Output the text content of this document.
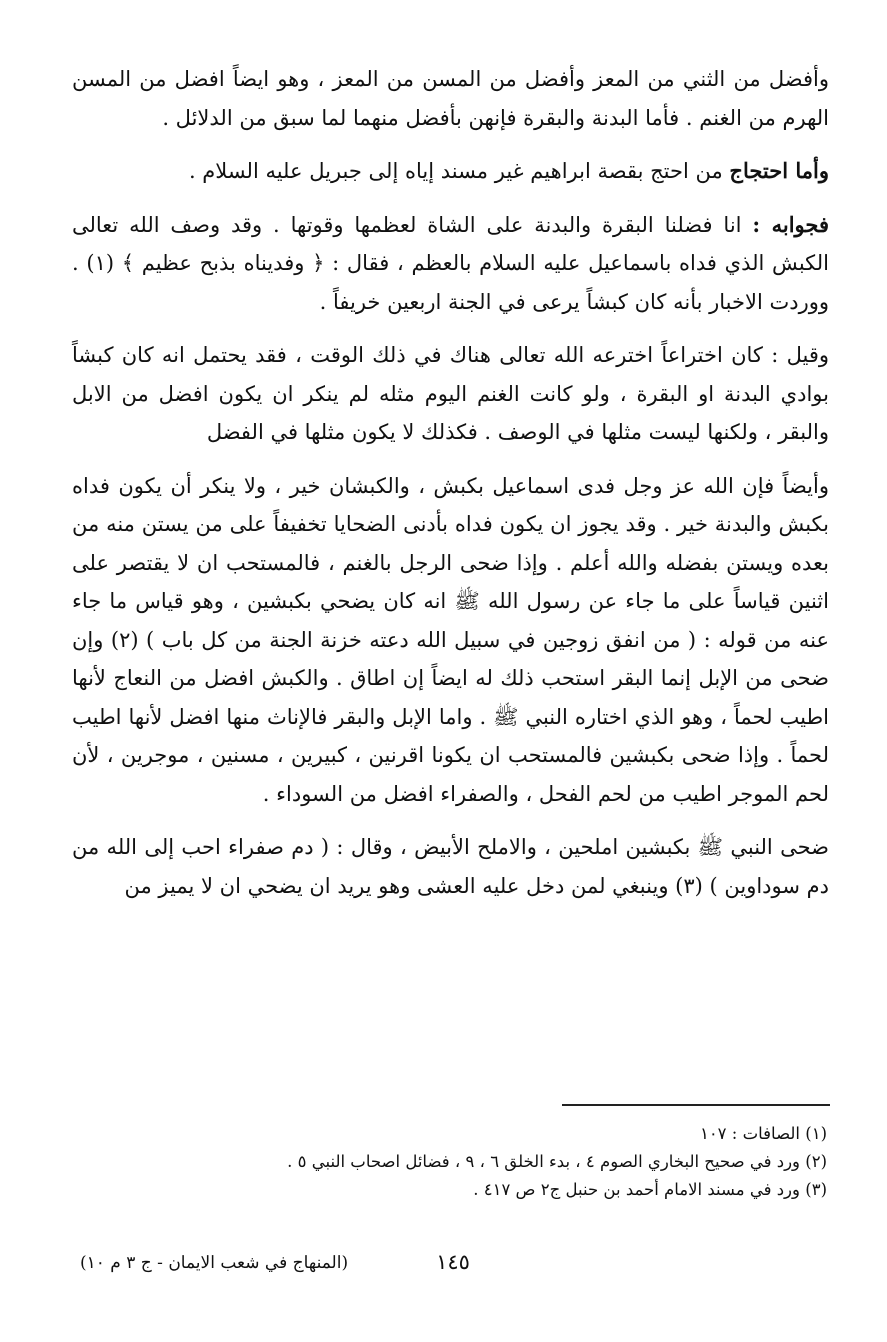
وأفضل من الثني من المعز وأفضل من المسن من المعز ، وهو ايضاً افضل من المسن الهرم من الغنم . فأما البدنة والبقرة فإنهن بأفضل منهما لما سبق من الدلائل .

وأما احتجاج من احتج بقصة ابراهيم غير مسند إياه إلى جبريل عليه السلام .

فجوابه : انا فضلنا البقرة والبدنة على الشاة لعظمها وقوتها . وقد وصف الله تعالى الكبش الذي فداه باسماعيل عليه السلام بالعظم ، فقال : ﴿ وفديناه بذبح عظيم ﴾ (١) . ووردت الاخبار بأنه كان كبشاً يرعى في الجنة اربعين خريفاً .

وقيل : كان اختراعاً اخترعه الله تعالى هناك في ذلك الوقت ، فقد يحتمل انه كان كبشاً بوادي البدنة او البقرة ، ولو كانت الغنم اليوم مثله لم ينكر ان يكون افضل من الابل والبقر ، ولكنها ليست مثلها في الوصف . فكذلك لا يكون مثلها في الفضل

وأيضاً فإن الله عز وجل فدى اسماعيل بكبش ، والكبشان خير ، ولا ينكر أن يكون فداه بكبش والبدنة خير . وقد يجوز ان يكون فداه بأدنى الضحايا تخفيفاً على من يستن منه من بعده ويستن بفضله والله أعلم . وإذا ضحى الرجل بالغنم ، فالمستحب ان لا يقتصر على اثنين قياساً على ما جاء عن رسول الله ﷺ انه كان يضحي بكبشين ، وهو قياس ما جاء عنه من قوله : ( من انفق زوجين في سبيل الله دعته خزنة الجنة من كل باب ) (٢) وإن ضحى من الإبل إنما البقر استحب ذلك له ايضاً إن اطاق . والكبش افضل من النعاج لأنها اطيب لحماً ، وهو الذي اختاره النبي ﷺ . واما الإبل والبقر فالإناث منها افضل لأنها اطيب لحماً . وإذا ضحى بكبشين فالمستحب ان يكونا اقرنين ، كبيرين ، مسنين ، موجرين ، لأن لحم الموجر اطيب من لحم الفحل ، والصفراء افضل من السوداء .

ضحى النبي ﷺ بكبشين املحين ، والاملح الأبيض ، وقال : ( دم صفراء احب إلى الله من دم سوداوين ) (٣) وينبغي لمن دخل عليه العشى وهو يريد ان يضحي ان لا يميز من

(١) الصافات : ١٠٧

(٢) ورد في صحيح البخاري الصوم ٤ ، بدء الخلق ٦ ، ٩ ، فضائل اصحاب النبي ٥ .

(٣) ورد في مسند الامام أحمد بن حنبل ج٢ ص ٤١٧ .

١٤٥
(المنهاج في شعب الايمان - ج ٣ م ١٠)
